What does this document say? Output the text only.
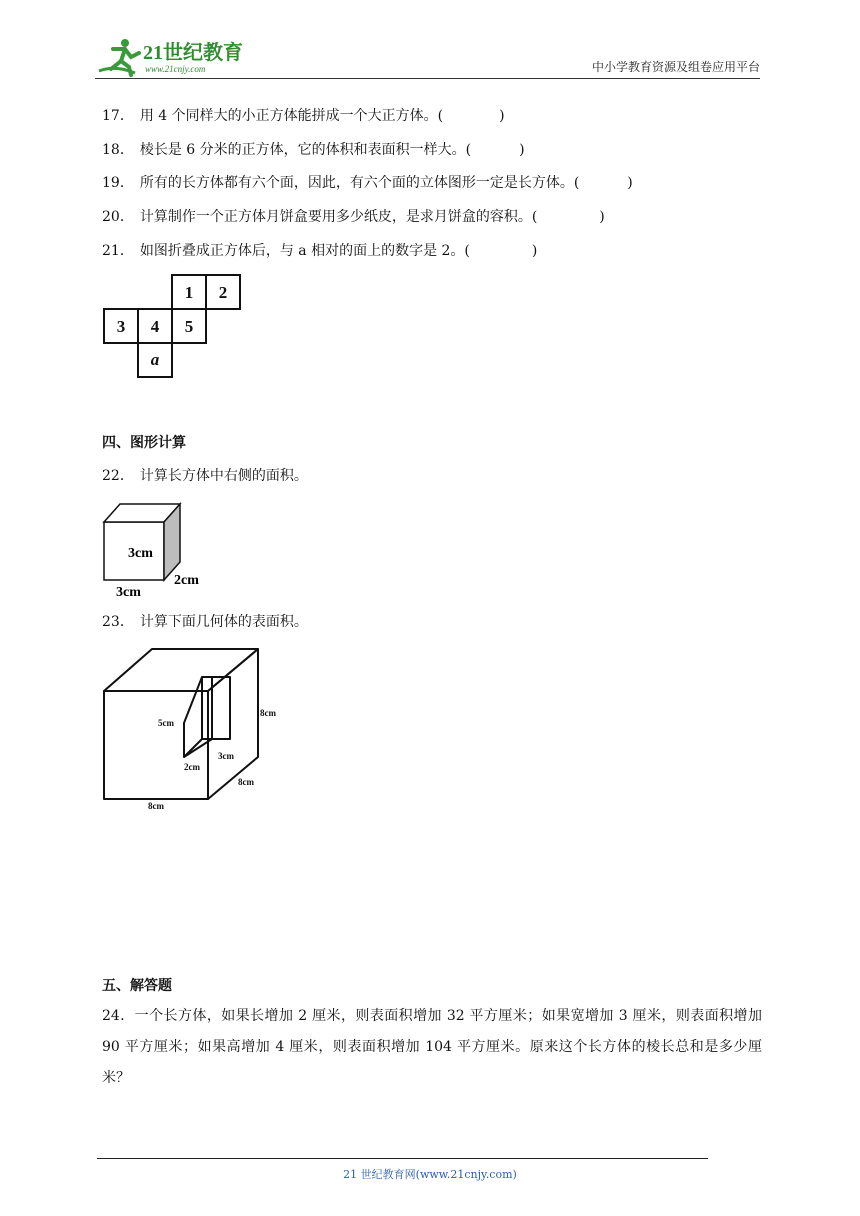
21世纪教育
www.21cnjy.com	中小学教育资源及组卷应用平台
17． 用 4 个同样大的小正方体能拼成一个大正方体。(	)
18． 棱长是 6 分米的正方体，它的体积和表面积一样大。(	)
19． 所有的长方体都有六个面，因此，有六个面的立体图形一定是长方体。(	)
20． 计算制作一个正方体月饼盒要用多少纸皮，是求月饼盒的容积。(	)
21． 如图折叠成正方体后，与 a 相对的面上的数字是 2。(	)
1 2
3 4 5
a
四、图形计算
22． 计算长方体中右侧的面积。
3cm
2cm
3cm
23． 计算下面几何体的表面积。
5cm
8cm
3cm
2cm
8cm
8cm
五、解答题
24．一个长方体，如果长增加 2 厘米，则表面积增加 32 平方厘米；如果宽增加 3 厘米，则表面积增加 90 平方厘米；如果高增加 4 厘米，则表面积增加 104 平方厘米。原来这个长方体的棱长总和是多少厘米？
21 世纪教育网(www.21cnjy.com)
